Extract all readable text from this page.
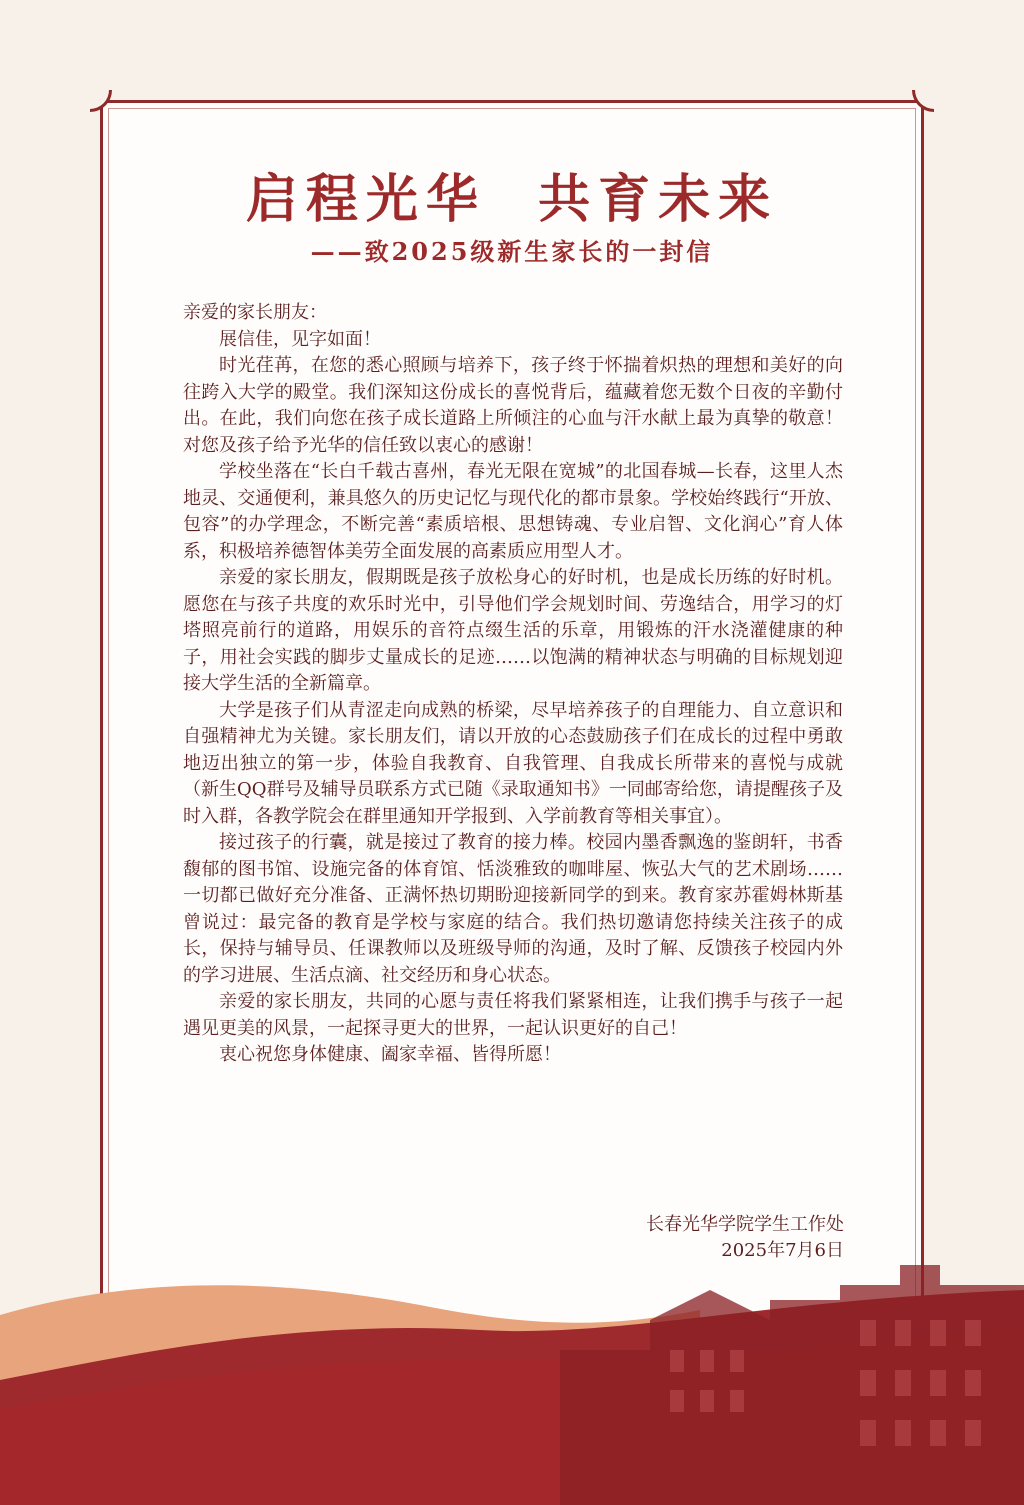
启程光华  共育未来
——致2025级新生家长的一封信

亲爱的家长朋友：

展信佳，见字如面！

时光荏苒，在您的悉心照顾与培养下，孩子终于怀揣着炽热的理想和美好的向往跨入大学的殿堂。我们深知这份成长的喜悦背后，蕴藏着您无数个日夜的辛勤付出。在此，我们向您在孩子成长道路上所倾注的心血与汗水献上最为真挚的敬意！对您及孩子给予光华的信任致以衷心的感谢！

学校坐落在“长白千载古喜州，春光无限在宽城”的北国春城—长春，这里人杰地灵、交通便利，兼具悠久的历史记忆与现代化的都市景象。学校始终践行“开放、包容”的办学理念，不断完善“素质培根、思想铸魂、专业启智、文化润心”育人体系，积极培养德智体美劳全面发展的高素质应用型人才。

亲爱的家长朋友，假期既是孩子放松身心的好时机，也是成长历练的好时机。愿您在与孩子共度的欢乐时光中，引导他们学会规划时间、劳逸结合，用学习的灯塔照亮前行的道路，用娱乐的音符点缀生活的乐章，用锻炼的汗水浇灌健康的种子，用社会实践的脚步丈量成长的足迹……以饱满的精神状态与明确的目标规划迎接大学生活的全新篇章。

大学是孩子们从青涩走向成熟的桥梁，尽早培养孩子的自理能力、自立意识和自强精神尤为关键。家长朋友们，请以开放的心态鼓励孩子们在成长的过程中勇敢地迈出独立的第一步，体验自我教育、自我管理、自我成长所带来的喜悦与成就（新生QQ群号及辅导员联系方式已随《录取通知书》一同邮寄给您，请提醒孩子及时入群，各教学院会在群里通知开学报到、入学前教育等相关事宜）。

接过孩子的行囊，就是接过了教育的接力棒。校园内墨香飘逸的鉴朗轩，书香馥郁的图书馆、设施完备的体育馆、恬淡雅致的咖啡屋、恢弘大气的艺术剧场……一切都已做好充分准备、正满怀热切期盼迎接新同学的到来。教育家苏霍姆林斯基曾说过：最完备的教育是学校与家庭的结合。我们热切邀请您持续关注孩子的成长，保持与辅导员、任课教师以及班级导师的沟通，及时了解、反馈孩子校园内外的学习进展、生活点滴、社交经历和身心状态。

亲爱的家长朋友，共同的心愿与责任将我们紧紧相连，让我们携手与孩子一起遇见更美的风景，一起探寻更大的世界，一起认识更好的自己！

衷心祝您身体健康、阖家幸福、皆得所愿！

长春光华学院学生工作处
2025年7月6日
